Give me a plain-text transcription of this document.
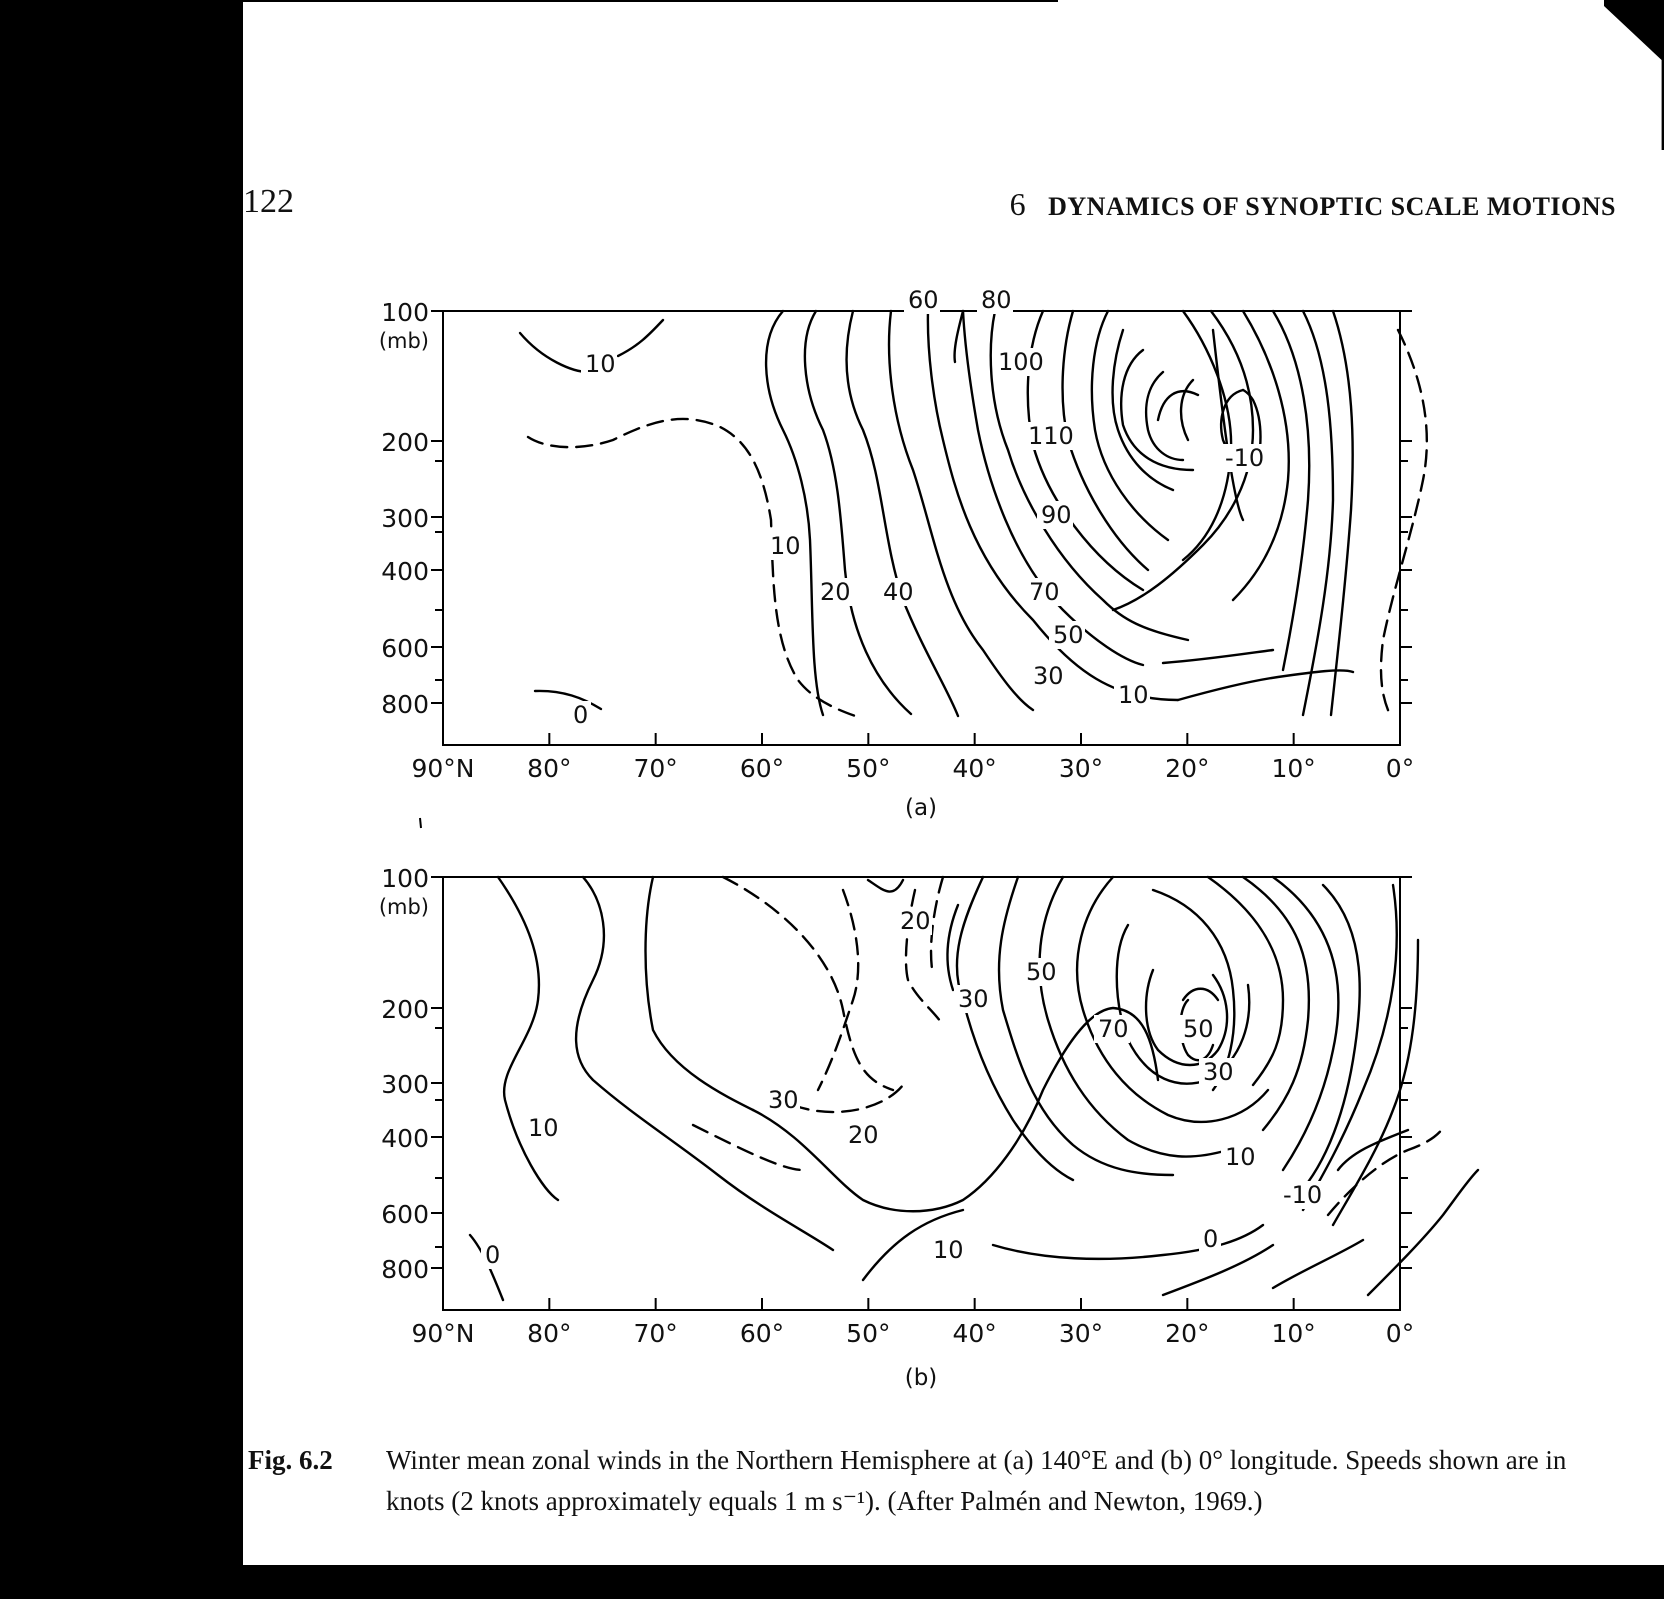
122	6 DYNAMICS OF SYNOPTIC SCALE MOTIONS
100
200
300
400
600
800
(mb)
90°N 80° 70° 60° 50° 40° 30° 20° 10°	0°
(a)
60 80
10	100
110
-10
90
10
20 40	70
50
30
10
0
100
200
300
400
600
800
(mb)
90°N 80° 70° 60° 50° 40° 30° 20° 10°	0°
(b)
20
50
30
70 50
30
30
10	20
10
-10
0
10
0
Fig. 6.2 Winter mean zonal winds in the Northern Hemisphere at (a) 140°E and (b) 0° longitude. Speeds shown are in knots (2 knots approximately equals 1 m s⁻¹). (After Palmén and Newton, 1969.)
